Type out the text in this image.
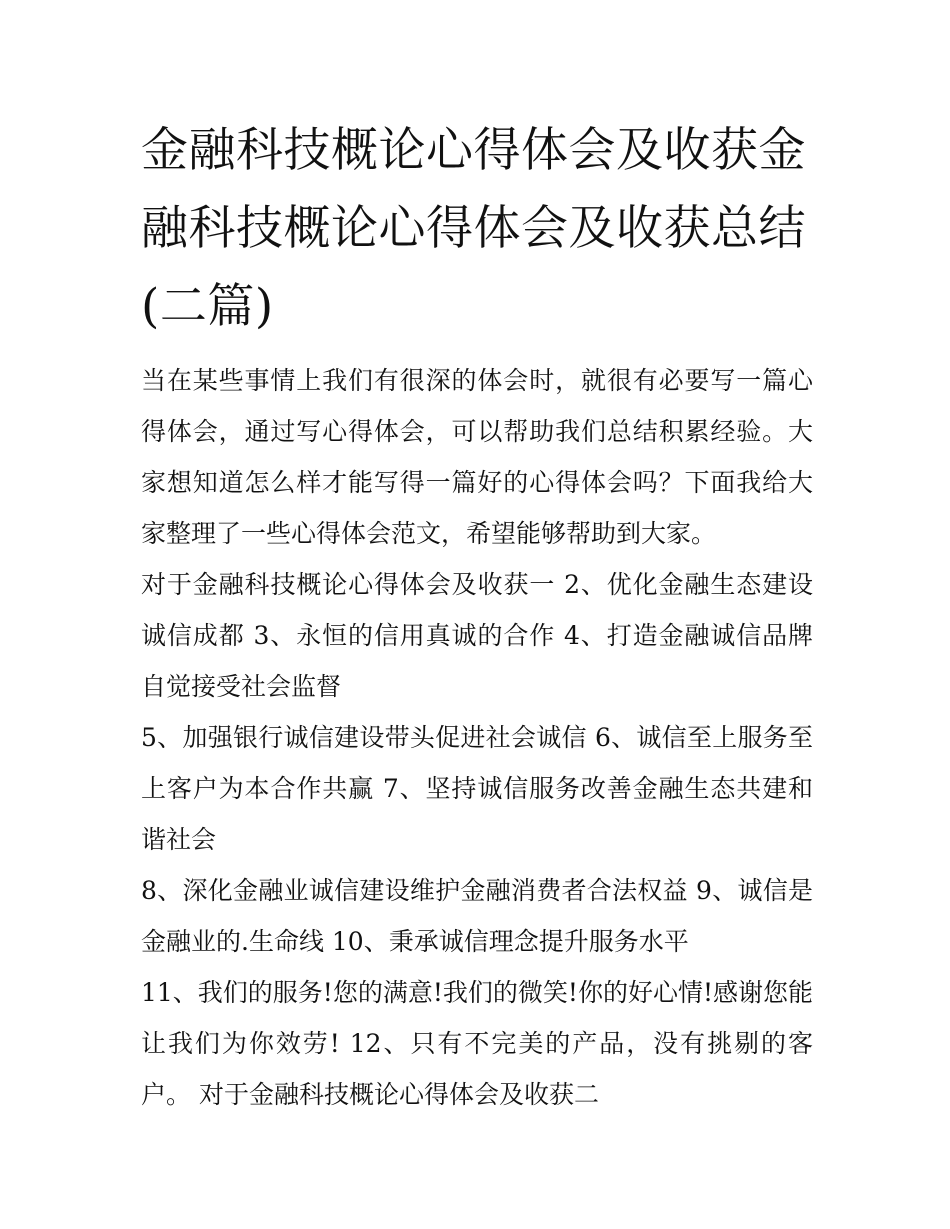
金融科技概论心得体会及收获金融科技概论心得体会及收获总结(二篇)

当在某些事情上我们有很深的体会时，就很有必要写一篇心得体会，通过写心得体会，可以帮助我们总结积累经验。大家想知道怎么样才能写得一篇好的心得体会吗？下面我给大家整理了一些心得体会范文，希望能够帮助到大家。

对于金融科技概论心得体会及收获一 2、优化金融生态建设诚信成都 3、永恒的信用真诚的合作 4、打造金融诚信品牌自觉接受社会监督

5、加强银行诚信建设带头促进社会诚信 6、诚信至上服务至上客户为本合作共赢 7、坚持诚信服务改善金融生态共建和谐社会

8、深化金融业诚信建设维护金融消费者合法权益 9、诚信是金融业的.生命线 10、秉承诚信理念提升服务水平

11、我们的服务!您的满意!我们的微笑!你的好心情!感谢您能让我们为你效劳! 12、只有不完美的产品，没有挑剔的客户。 对于金融科技概论心得体会及收获二
